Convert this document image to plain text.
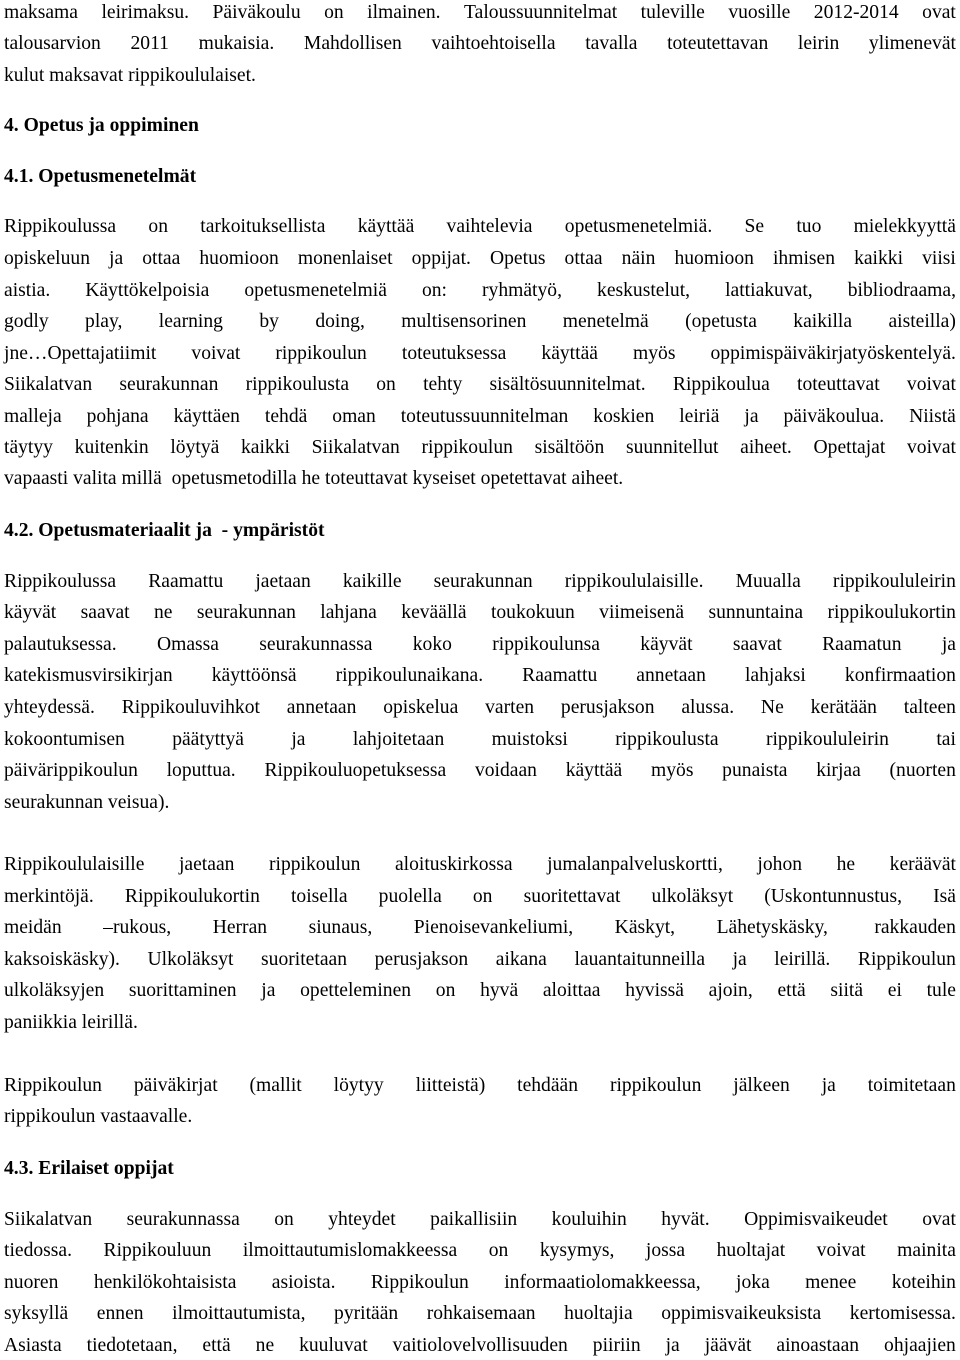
maksama leirimaksu. Päiväkoulu on ilmainen. Taloussuunnitelmat tuleville vuosille 2012-2014 ovat
talousarvion 2011 mukaisia. Mahdollisen vaihtoehtoisella tavalla toteutettavan leirin ylimenevät
kulut maksavat rippikoululaiset.
4. Opetus ja oppiminen
4.1. Opetusmenetelmät
Rippikoulussa on tarkoituksellista käyttää vaihtelevia opetusmenetelmiä. Se tuo mielekkyyttä
opiskeluun ja ottaa huomioon monenlaiset oppijat. Opetus ottaa näin huomioon ihmisen kaikki viisi
aistia. Käyttökelpoisia opetusmenetelmiä on: ryhmätyö, keskustelut, lattiakuvat, bibliodraama,
godly play, learning by doing, multisensorinen menetelmä (opetusta kaikilla aisteilla)
jne…Opettajatiimit voivat rippikoulun toteutuksessa käyttää myös oppimispäiväkirjatyöskentelyä.
Siikalatvan seurakunnan rippikoulusta on tehty sisältösuunnitelmat. Rippikoulua toteuttavat voivat
malleja pohjana käyttäen tehdä oman toteutussuunnitelman koskien leiriä ja päiväkoulua. Niistä
täytyy kuitenkin löytyä kaikki Siikalatvan rippikoulun sisältöön suunnitellut aiheet. Opettajat voivat
vapaasti valita millä  opetusmetodilla he toteuttavat kyseiset opetettavat aiheet.
4.2. Opetusmateriaalit ja  - ympäristöt
Rippikoulussa Raamattu jaetaan kaikille seurakunnan rippikoululaisille. Muualla rippikoululeirin
käyvät saavat ne seurakunnan lahjana keväällä toukokuun viimeisenä sunnuntaina rippikoulukortin
palautuksessa. Omassa seurakunnassa koko rippikoulunsa käyvät saavat Raamatun ja
katekismusvirsikirjan käyttöönsä rippikoulunaikana. Raamattu annetaan lahjaksi konfirmaation
yhteydessä. Rippikouluvihkot annetaan opiskelua varten perusjakson alussa. Ne kerätään talteen
kokoontumisen päätyttyä ja lahjoitetaan muistoksi rippikoulusta rippikoululeirin tai
päivärippikoulun loputtua. Rippikouluopetuksessa voidaan käyttää myös punaista kirjaa (nuorten
seurakunnan veisua).
Rippikoululaisille jaetaan rippikoulun aloituskirkossa jumalanpalveluskortti, johon he keräävät
merkintöjä. Rippikoulukortin toisella puolella on suoritettavat ulkoläksyt (Uskontunnustus, Isä
meidän –rukous, Herran siunaus, Pienoisevankeliumi, Käskyt, Lähetyskäsky, rakkauden
kaksoiskäsky). Ulkoläksyt suoritetaan perusjakson aikana lauantaitunneilla ja leirillä. Rippikoulun
ulkoläksyjen suorittaminen ja opetteleminen on hyvä aloittaa hyvissä ajoin, että siitä ei tule
paniikkia leirillä.
Rippikoulun päiväkirjat (mallit löytyy liitteistä) tehdään rippikoulun jälkeen ja toimitetaan
rippikoulun vastaavalle.
4.3. Erilaiset oppijat
Siikalatvan seurakunnassa on yhteydet paikallisiin kouluihin hyvät. Oppimisvaikeudet ovat
tiedossa. Rippikouluun ilmoittautumislomakkeessa on kysymys, jossa huoltajat voivat mainita
nuoren henkilökohtaisista asioista. Rippikoulun informaatiolomakkeessa, joka menee koteihin
syksyllä ennen ilmoittautumista, pyritään rohkaisemaan huoltajia oppimisvaikeuksista kertomisessa.
Asiasta tiedotetaan, että ne kuuluvat vaitiolovelvollisuuden piiriin ja jäävät ainoastaan ohjaajien
